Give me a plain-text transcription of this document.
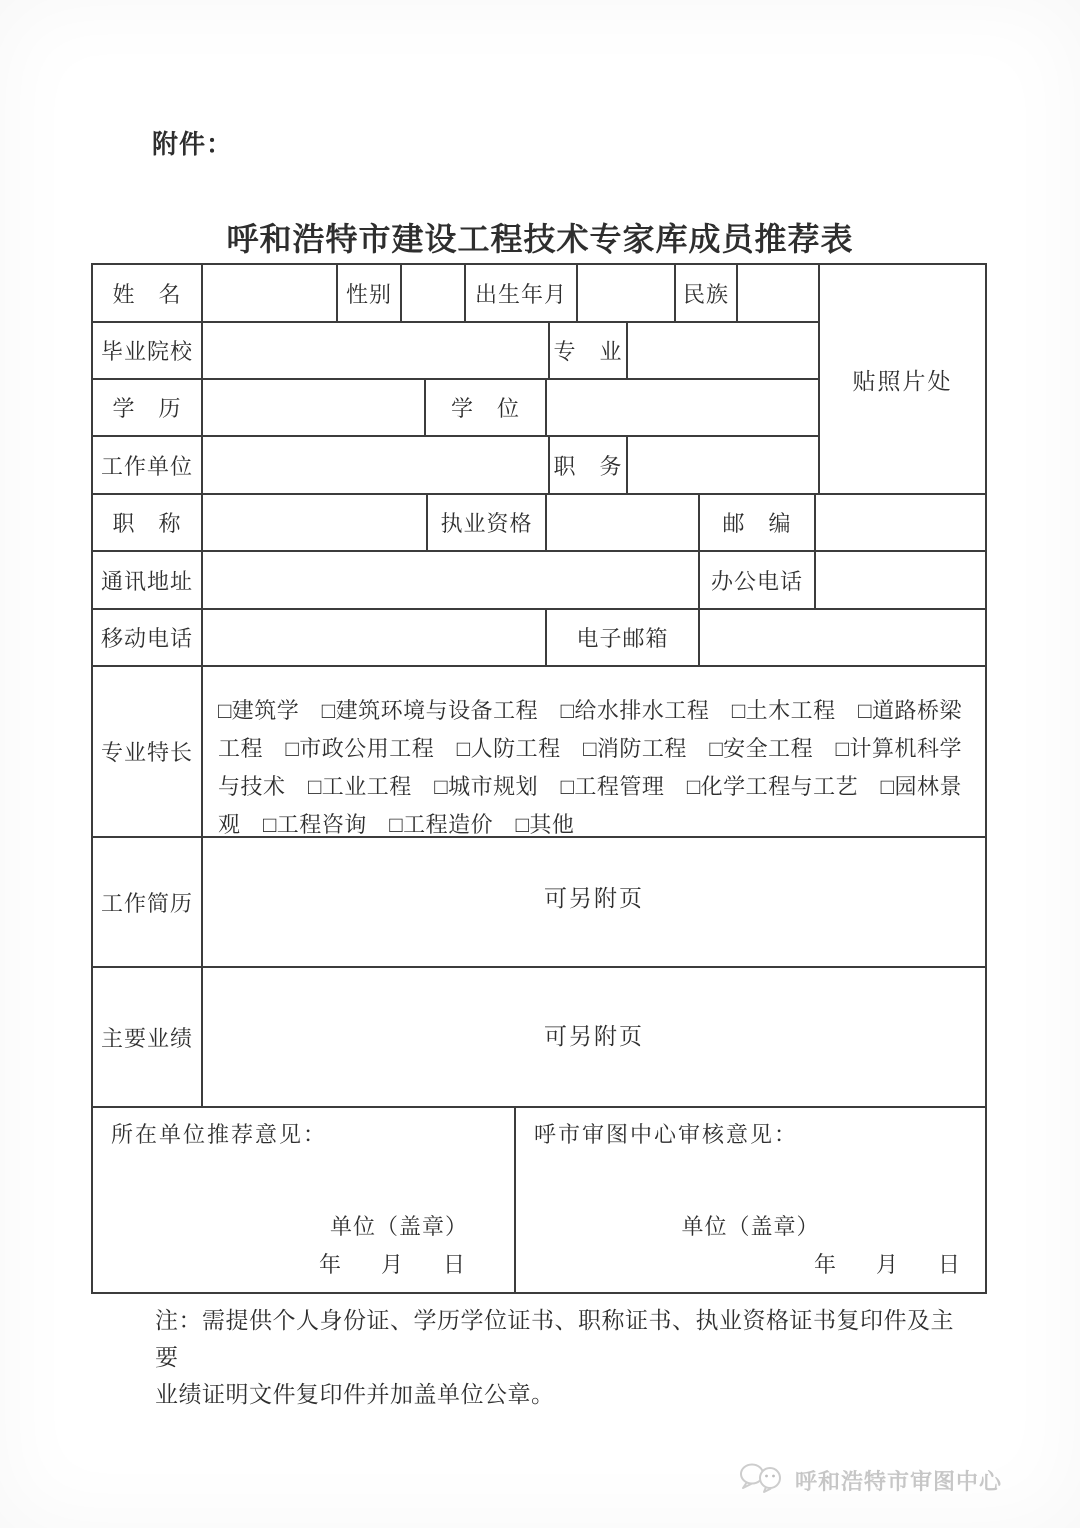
附件：
呼和浩特市建设工程技术专家库成员推荐表
姓　名	性别	出生年月	民族
毕业院校	专　业
学　历	学　位
工作单位	职　务
贴照片处
职　称	执业资格	邮　编
通讯地址	办公电话
移动电话	电子邮箱
专业特长
□建筑学　□建筑环境与设备工程　□给水排水工程　□土木工程　□道路桥梁
工程　□市政公用工程　□人防工程　□消防工程　□安全工程　□计算机科学
与技术　□工业工程　□城市规划　□工程管理　□化学工程与工艺　□园林景
观　□工程咨询　□工程造价　□其他
工作简历	可另附页
主要业绩	可另附页
所在单位推荐意见：
单位（盖章）
年　月　日
呼市审图中心审核意见：
单位（盖章）
年　月　日
注：需提供个人身份证、学历学位证书、职称证书、执业资格证书复印件及主要
业绩证明文件复印件并加盖单位公章。
呼和浩特市审图中心
